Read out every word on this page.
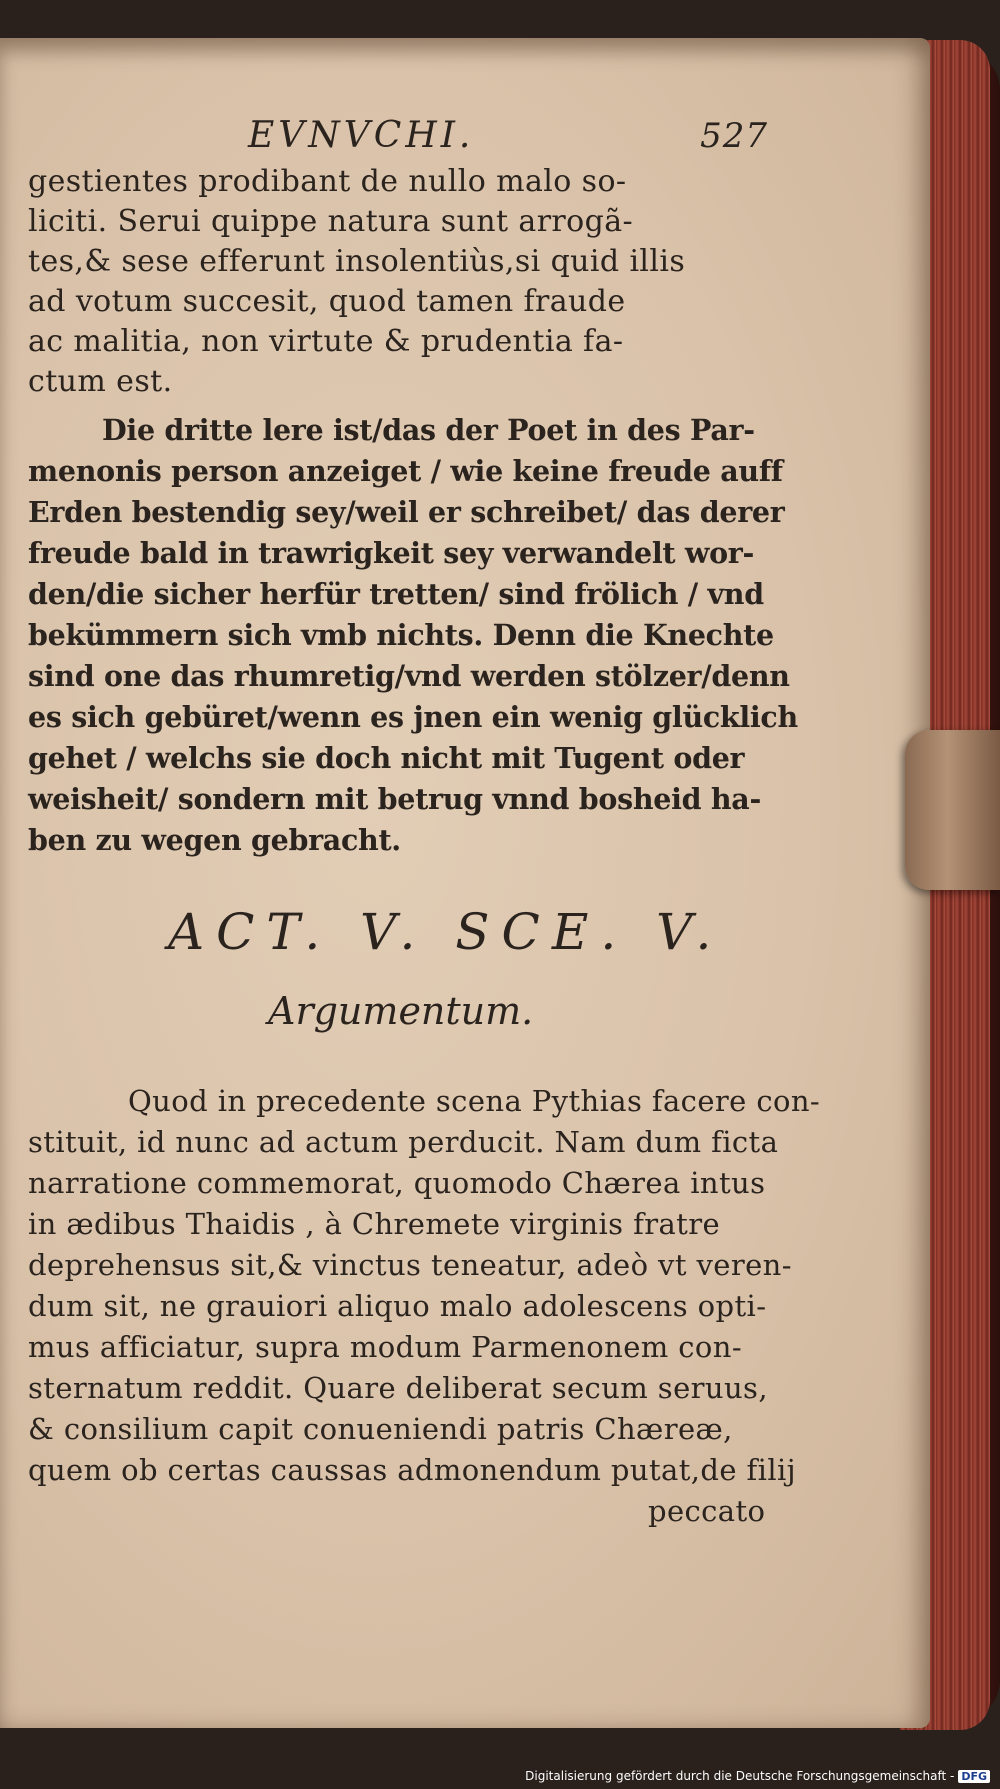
EVNVCHI.	527
gestientes prodibant de nullo malo so-
liciti. Serui quippe natura sunt arrogã-
tes,& sese efferunt insolentiùs,si quid illis
ad votum succesit, quod tamen fraude
ac malitia, non virtute & prudentia fa-
ctum est.
Die dritte lere ist/das der Poet in des Par-
menonis person anzeiget / wie keine freude auff
Erden bestendig sey/weil er schreibet/ das derer
freude bald in trawrigkeit sey verwandelt wor-
den/die sicher herfür tretten/ sind frölich / vnd
bekümmern sich vmb nichts. Denn die Knechte
sind one das rhumretig/vnd werden stölzer/denn
es sich gebüret/wenn es jnen ein wenig glücklich
gehet / welchs sie doch nicht mit Tugent oder
weisheit/ sondern mit betrug vnnd bosheid ha-
ben zu wegen gebracht.
ACT. V. SCE. V.
Argumentum.
Quod in precedente scena Pythias facere con-
stituit, id nunc ad actum perducit. Nam dum ficta
narratione commemorat, quomodo Chærea intus
in ædibus Thaidis , à Chremete virginis fratre
deprehensus sit,& vinctus teneatur, adeò vt veren-
dum sit, ne grauiori aliquo malo adolescens opti-
mus afficiatur, supra modum Parmenonem con-
sternatum reddit. Quare deliberat secum seruus,
& consilium capit conueniendi patris Chæreæ,
quem ob certas caussas admonendum putat,de filij
peccato
Digitalisierung gefördert durch die Deutsche Forschungsgemeinschaft - DFG
